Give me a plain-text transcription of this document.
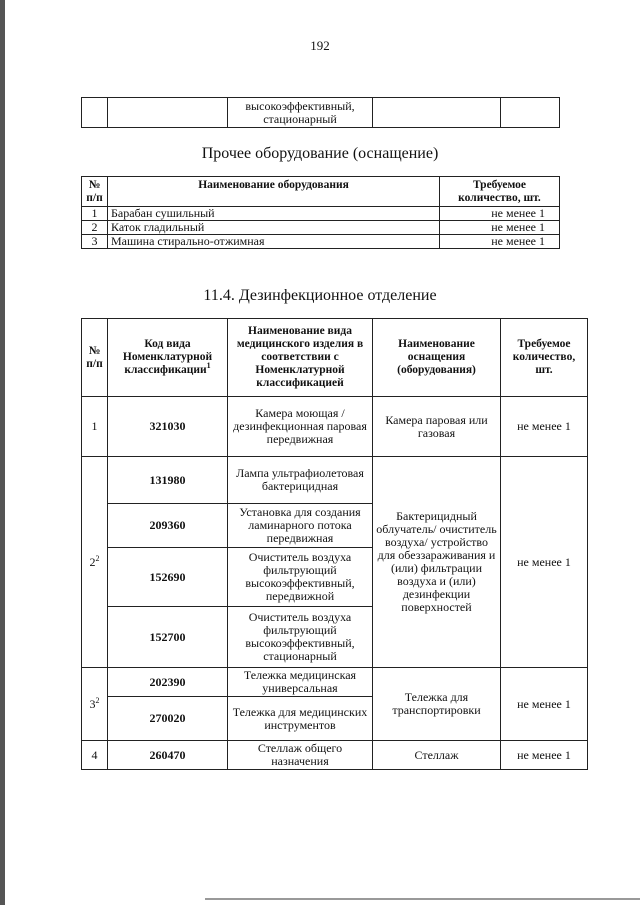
192
		высокоэффективный, стационарный		
Прочее оборудование (оснащение)
№ п/п	Наименование оборудования	Требуемое количество, шт.
1	Барабан сушильный	не менее 1
2	Каток гладильный	не менее 1
3	Машина стирально-отжимная	не менее 1
11.4. Дезинфекционное отделение
№ п/п	Код вида Номенклатурной классификации$^1$	Наименование вида медицинского изделия в соответствии с Номенклатурной классификацией	Наименование оснащения (оборудования)	Требуемое количество, шт.
1	321030	Камера моющая /дезинфекционная паровая передвижная	Камера паровая или газовая	не менее 1
$2^2$	131980	Лампа ультрафиолетовая бактерицидная	Бактерицидный облучатель/ очиститель воздуха/ устройство для обеззараживания и (или) фильтрации воздуха и (или) дезинфекции поверхностей	не менее 1
	209360	Установка для создания ламинарного потока передвижная		
	152690	Очиститель воздуха фильтрующий высокоэффективный, передвижной		
	152700	Очиститель воздуха фильтрующий высокоэффективный, стационарный		
$3^2$	202390	Тележка медицинская универсальная	Тележка для транспортировки	не менее 1
	270020	Тележка для медицинских инструментов		
4	260470	Стеллаж общего назначения	Стеллаж	не менее 1
